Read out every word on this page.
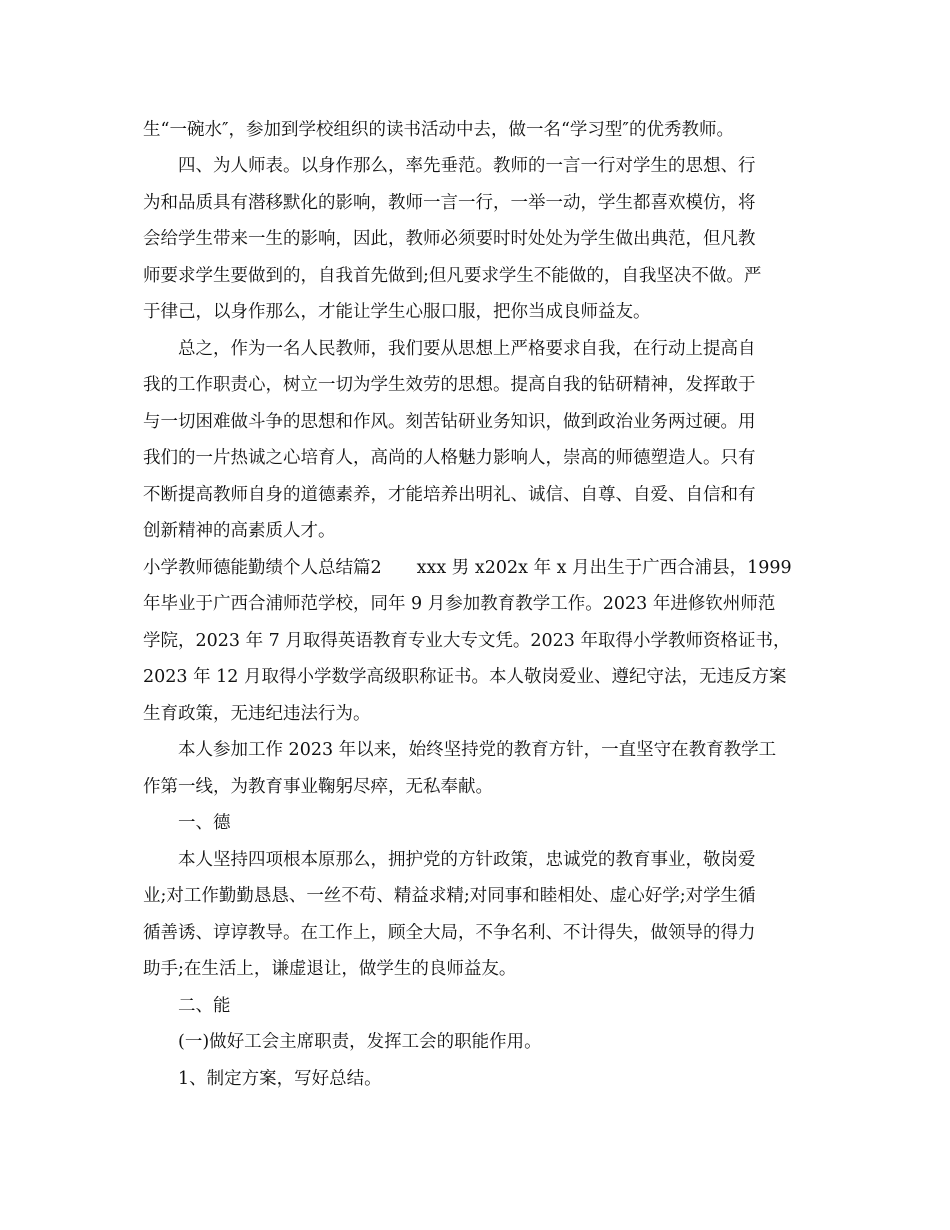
生“一碗水″，参加到学校组织的读书活动中去，做一名“学习型″的优秀教师。
四、为人师表。以身作那么，率先垂范。教师的一言一行对学生的思想、行
为和品质具有潜移默化的影响，教师一言一行，一举一动，学生都喜欢模仿，将
会给学生带来一生的影响，因此，教师必须要时时处处为学生做出典范，但凡教
师要求学生要做到的，自我首先做到;但凡要求学生不能做的，自我坚决不做。严
于律己，以身作那么，才能让学生心服口服，把你当成良师益友。
总之，作为一名人民教师，我们要从思想上严格要求自我，在行动上提高自
我的工作职责心，树立一切为学生效劳的思想。提高自我的钻研精神，发挥敢于
与一切困难做斗争的思想和作风。刻苦钻研业务知识，做到政治业务两过硬。用
我们的一片热诚之心培育人，高尚的人格魅力影响人，崇高的师德塑造人。只有
不断提高教师自身的道德素养，才能培养出明礼、诚信、自尊、自爱、自信和有
创新精神的高素质人才。
小学教师德能勤绩个人总结篇2　　xxx 男 x202x 年 x 月出生于广西合浦县，1999
年毕业于广西合浦师范学校，同年 9 月参加教育教学工作。2023 年进修钦州师范
学院，2023 年 7 月取得英语教育专业大专文凭。2023 年取得小学教师资格证书，
2023 年 12 月取得小学数学高级职称证书。本人敬岗爱业、遵纪守法，无违反方案
生育政策，无违纪违法行为。
本人参加工作 2023 年以来，始终坚持党的教育方针，一直坚守在教育教学工
作第一线，为教育事业鞠躬尽瘁，无私奉献。
一、德
本人坚持四项根本原那么，拥护党的方针政策，忠诚党的教育事业，敬岗爱
业;对工作勤勤恳恳、一丝不苟、精益求精;对同事和睦相处、虚心好学;对学生循
循善诱、谆谆教导。在工作上，顾全大局，不争名利、不计得失，做领导的得力
助手;在生活上，谦虚退让，做学生的良师益友。
二、能
(一)做好工会主席职责，发挥工会的职能作用。
1、制定方案，写好总结。
